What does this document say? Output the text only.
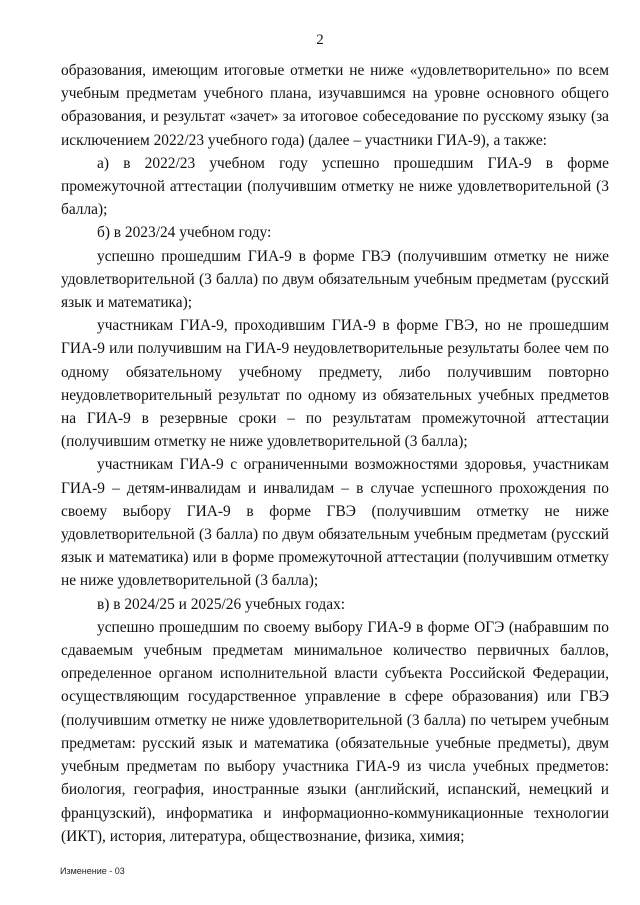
2

образования, имеющим итоговые отметки не ниже «удовлетворительно» по всем учебным предметам учебного плана, изучавшимся на уровне основного общего образования, и результат «зачет» за итоговое собеседование по русскому языку (за исключением 2022/23 учебного года) (далее – участники ГИА-9), а также:

а) в 2022/23 учебном году успешно прошедшим ГИА-9 в форме промежуточной аттестации (получившим отметку не ниже удовлетворительной (3 балла);

б) в 2023/24 учебном году:

успешно прошедшим ГИА-9 в форме ГВЭ (получившим отметку не ниже удовлетворительной (3 балла) по двум обязательным учебным предметам (русский язык и математика);

участникам ГИА-9, проходившим ГИА-9 в форме ГВЭ, но не прошедшим ГИА-9 или получившим на ГИА-9 неудовлетворительные результаты более чем по одному обязательному учебному предмету, либо получившим повторно неудовлетворительный результат по одному из обязательных учебных предметов на ГИА-9 в резервные сроки – по результатам промежуточной аттестации (получившим отметку не ниже удовлетворительной (3 балла);

участникам ГИА-9 с ограниченными возможностями здоровья, участникам ГИА-9 – детям-инвалидам и инвалидам – в случае успешного прохождения по своему выбору ГИА-9 в форме ГВЭ (получившим отметку не ниже удовлетворительной (3 балла) по двум обязательным учебным предметам (русский язык и математика) или в форме промежуточной аттестации (получившим отметку не ниже удовлетворительной (3 балла);

в) в 2024/25 и 2025/26 учебных годах:

успешно прошедшим по своему выбору ГИА-9 в форме ОГЭ (набравшим по сдаваемым учебным предметам минимальное количество первичных баллов, определенное органом исполнительной власти субъекта Российской Федерации, осуществляющим государственное управление в сфере образования) или ГВЭ (получившим отметку не ниже удовлетворительной (3 балла) по четырем учебным предметам: русский язык и математика (обязательные учебные предметы), двум учебным предметам по выбору участника ГИА-9 из числа учебных предметов: биология, география, иностранные языки (английский, испанский, немецкий и французский), информатика и информационно-коммуникационные технологии (ИКТ), история, литература, обществознание, физика, химия;

Изменение - 03
